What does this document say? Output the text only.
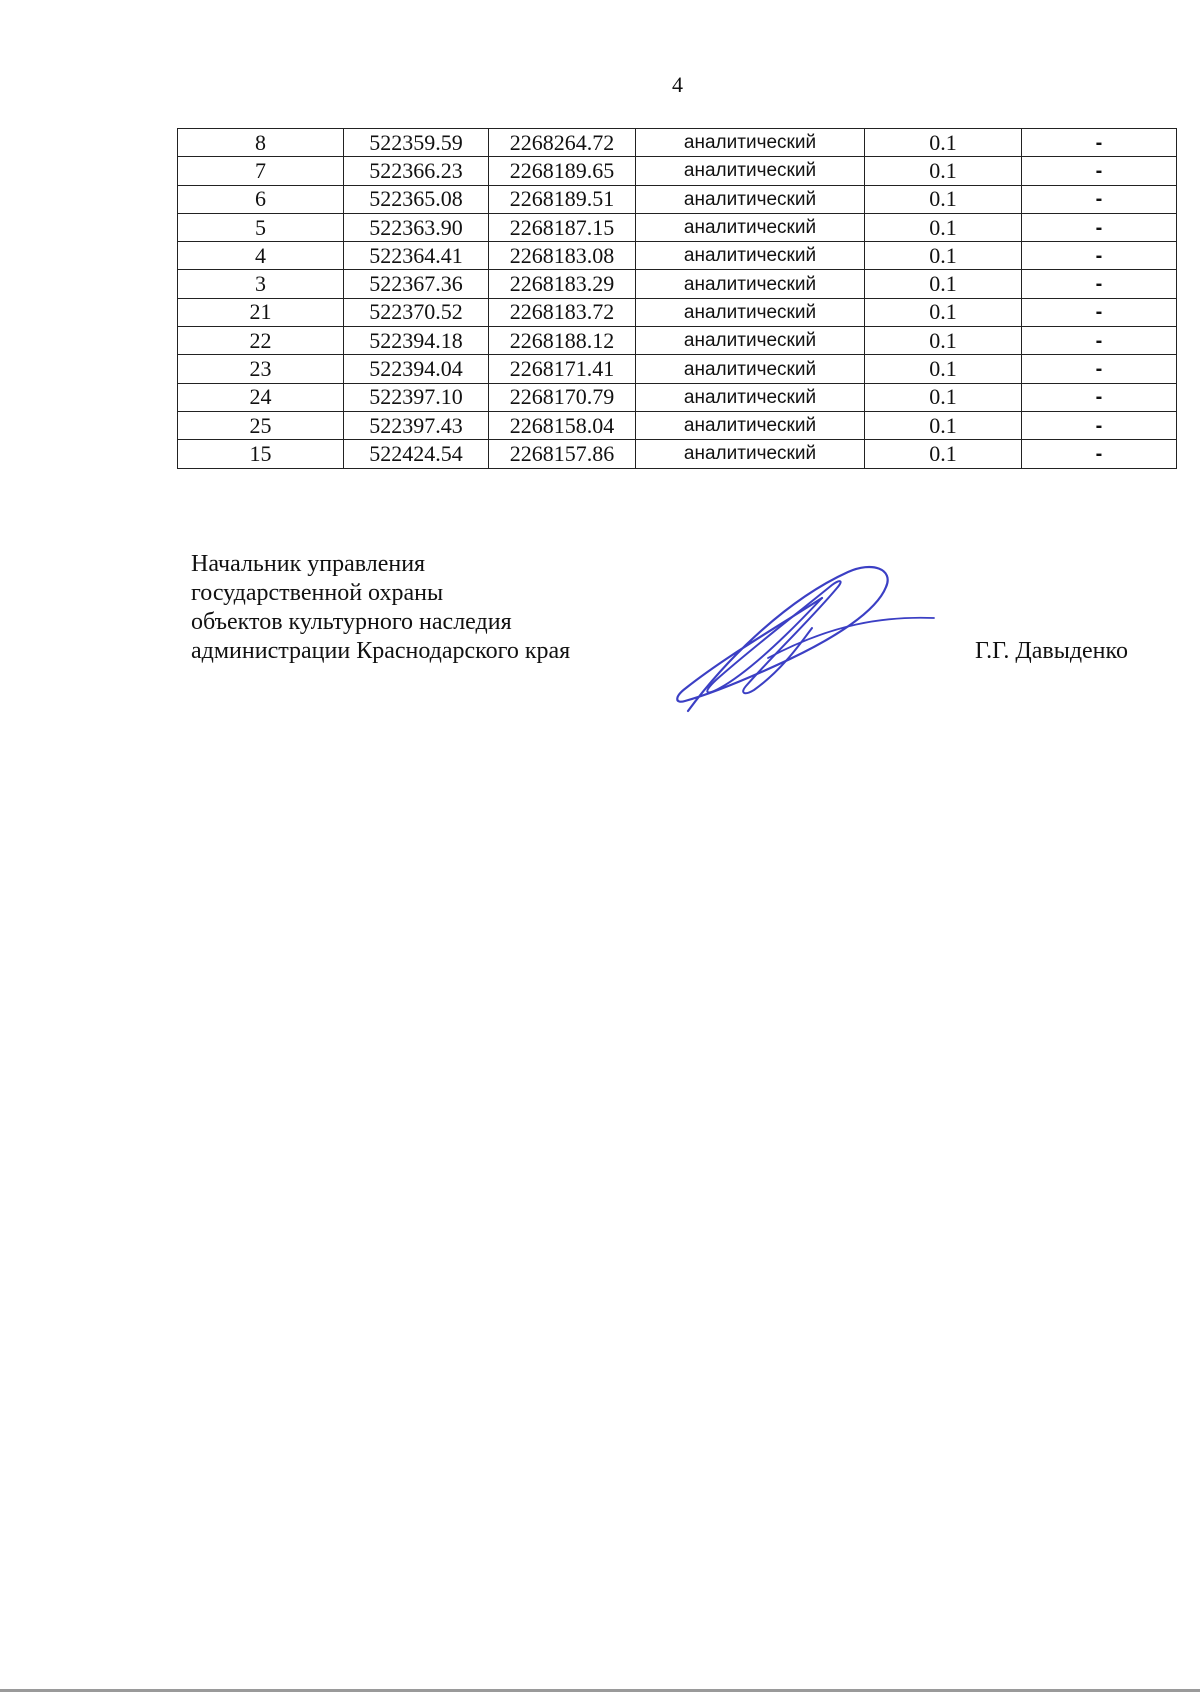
4
8	522359.59	2268264.72	аналитический	0.1	-
7	522366.23	2268189.65	аналитический	0.1	-
6	522365.08	2268189.51	аналитический	0.1	-
5	522363.90	2268187.15	аналитический	0.1	-
4	522364.41	2268183.08	аналитический	0.1	-
3	522367.36	2268183.29	аналитический	0.1	-
21	522370.52	2268183.72	аналитический	0.1	-
22	522394.18	2268188.12	аналитический	0.1	-
23	522394.04	2268171.41	аналитический	0.1	-
24	522397.10	2268170.79	аналитический	0.1	-
25	522397.43	2268158.04	аналитический	0.1	-
15	522424.54	2268157.86	аналитический	0.1	-
Начальник управления
государственной охраны
объектов культурного наследия
администрации Краснодарского края	Г.Г. Давыденко
